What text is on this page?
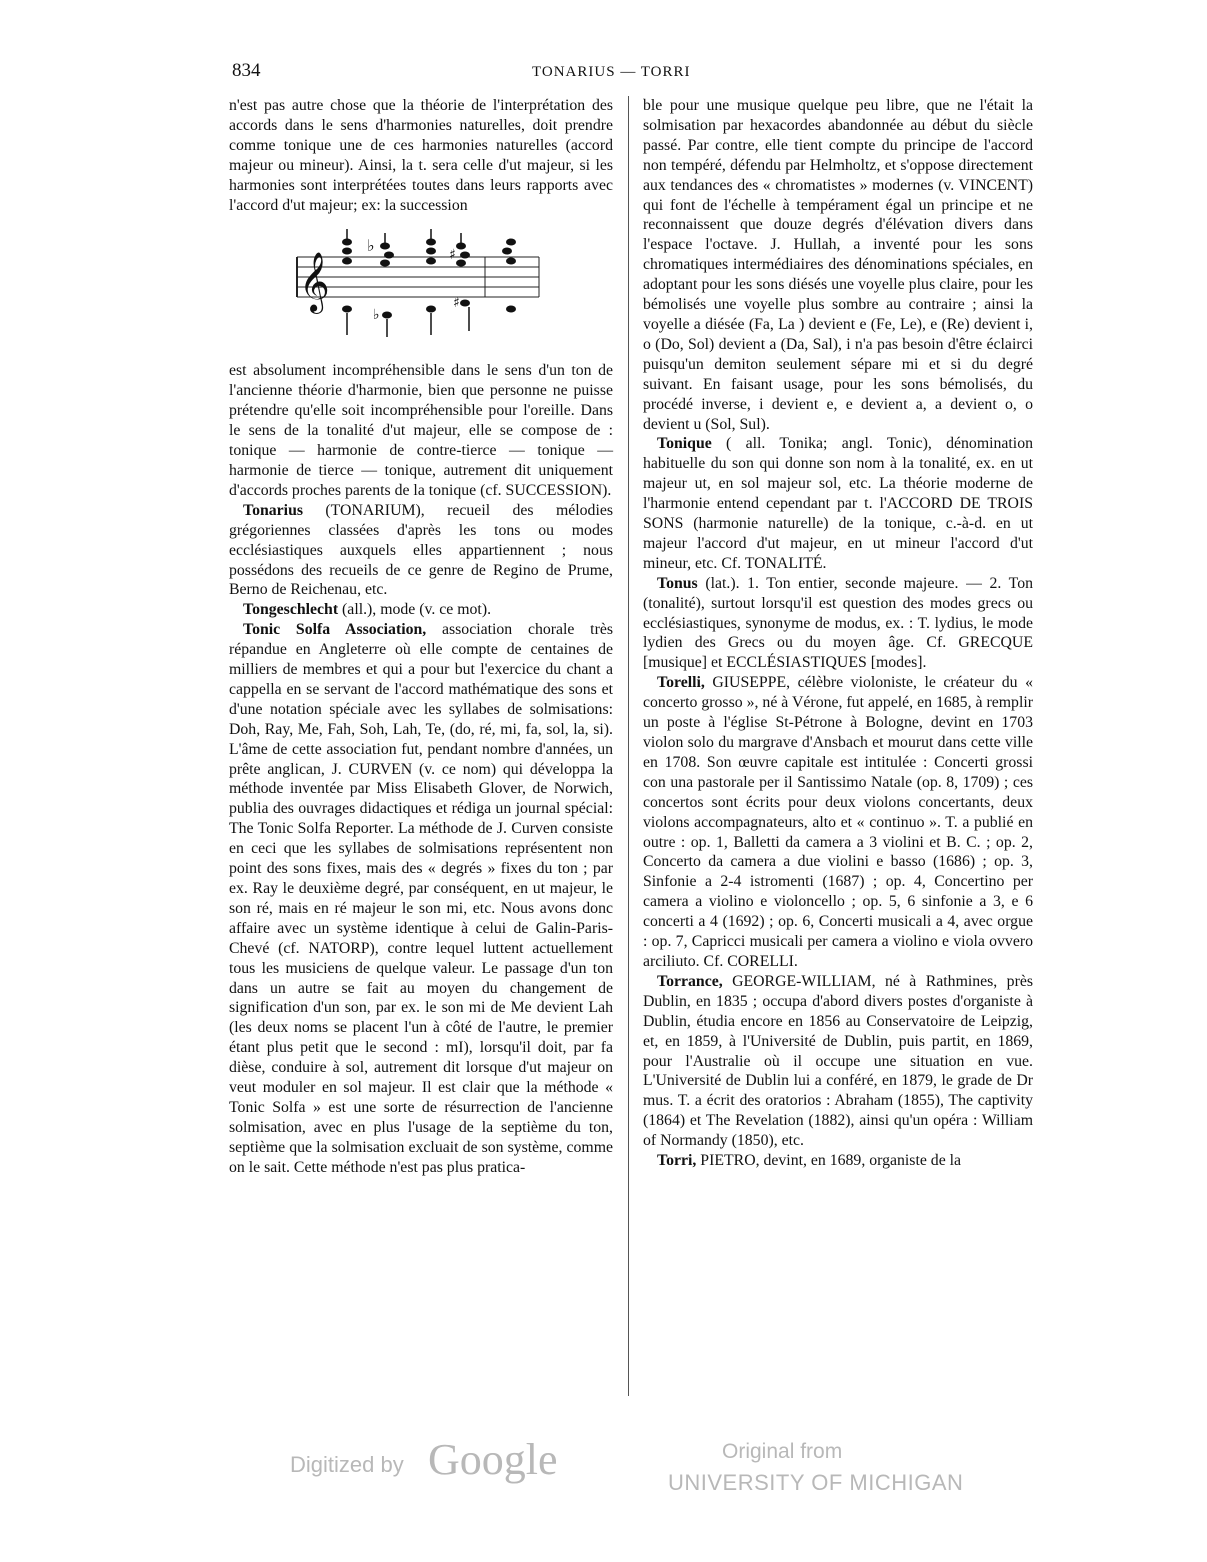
834	TONARIUS — TORRI

n'est pas autre chose que la théorie de l'interprétation des accords dans le sens d'harmonies naturelles, doit prendre comme tonique une de ces harmonies naturelles (accord majeur ou mineur). Ainsi, la t. sera celle d'ut majeur, si les harmonies sont interprétées toutes dans leurs rapports avec l'accord d'ut majeur; ex: la succession

𝄞
♭
♭
♯
♯

est absolument incompréhensible dans le sens d'un ton de l'ancienne théorie d'harmonie, bien que personne ne puisse prétendre qu'elle soit incompréhensible pour l'oreille. Dans le sens de la tonalité d'ut majeur, elle se compose de : tonique — harmonie de contre-tierce — tonique — harmonie de tierce — tonique, autrement dit uniquement d'accords proches parents de la tonique (cf. SUCCESSION).

Tonarius (TONARIUM), recueil des mélodies grégoriennes classées d'après les tons ou modes ecclésiastiques auxquels elles appartiennent ; nous possédons des recueils de ce genre de Regino de Prume, Berno de Reichenau, etc.

Tongeschlecht (all.), mode (v. ce mot).

Tonic Solfa Association, association chorale très répandue en Angleterre où elle compte de centaines de milliers de membres et qui a pour but l'exercice du chant a cappella en se servant de l'accord mathématique des sons et d'une notation spéciale avec les syllabes de solmisations: Doh, Ray, Me, Fah, Soh, Lah, Te, (do, ré, mi, fa, sol, la, si). L'âme de cette association fut, pendant nombre d'années, un prête anglican, J. CURVEN (v. ce nom) qui développa la méthode inventée par Miss Elisabeth Glover, de Norwich, publia des ouvrages didactiques et rédiga un journal spécial: The Tonic Solfa Reporter. La méthode de J. Curven consiste en ceci que les syllabes de solmisations représentent non point des sons fixes, mais des « degrés » fixes du ton ; par ex. Ray le deuxième degré, par conséquent, en ut majeur, le son ré, mais en ré majeur le son mi, etc. Nous avons donc affaire avec un système identique à celui de Galin-Paris-Chevé (cf. NATORP), contre lequel luttent actuellement tous les musiciens de quelque valeur. Le passage d'un ton dans un autre se fait au moyen du changement de signification d'un son, par ex. le son mi de Me devient Lah (les deux noms se placent l'un à côté de l'autre, le premier étant plus petit que le second : mI), lorsqu'il doit, par fa dièse, conduire à sol, autrement dit lorsque d'ut majeur on veut moduler en sol majeur. Il est clair que la méthode « Tonic Solfa » est une sorte de résurrection de l'ancienne solmisation, avec en plus l'usage de la septième du ton, septième que la solmisation excluait de son système, comme on le sait. Cette méthode n'est pas plus pratica-

ble pour une musique quelque peu libre, que ne l'était la solmisation par hexacordes abandonnée au début du siècle passé. Par contre, elle tient compte du principe de l'accord non tempéré, défendu par Helmholtz, et s'oppose directement aux tendances des « chromatistes » modernes (v. VINCENT) qui font de l'échelle à tempérament égal un principe et ne reconnaissent que douze degrés d'élévation divers dans l'espace l'octave. J. Hullah, a inventé pour les sons chromatiques intermédiaires des dénominations spéciales, en adoptant pour les sons diésés une voyelle plus claire, pour les bémolisés une voyelle plus sombre au contraire ; ainsi la voyelle a diésée (Fa, La ) devient e (Fe, Le), e (Re) devient i, o (Do, Sol) devient a (Da, Sal), i n'a pas besoin d'être éclairci puisqu'un demiton seulement sépare mi et si du degré suivant. En faisant usage, pour les sons bémolisés, du procédé inverse, i devient e, e devient a, a devient o, o devient u (Sol, Sul).

Tonique ( all. Tonika; angl. Tonic), dénomination habituelle du son qui donne son nom à la tonalité, ex. en ut majeur ut, en sol majeur sol, etc. La théorie moderne de l'harmonie entend cependant par t. l'ACCORD DE TROIS SONS (harmonie naturelle) de la tonique, c.-à-d. en ut majeur l'accord d'ut majeur, en ut mineur l'accord d'ut mineur, etc. Cf. TONALITÉ.

Tonus (lat.). 1. Ton entier, seconde majeure. — 2. Ton (tonalité), surtout lorsqu'il est question des modes grecs ou ecclésiastiques, synonyme de modus, ex. : T. lydius, le mode lydien des Grecs ou du moyen âge. Cf. GRECQUE [musique] et ECCLÉSIASTIQUES [modes].

Torelli, GIUSEPPE, célèbre violoniste, le créateur du « concerto grosso », né à Vérone, fut appelé, en 1685, à remplir un poste à l'église St-Pétrone à Bologne, devint en 1703 violon solo du margrave d'Ansbach et mourut dans cette ville en 1708. Son œuvre capitale est intitulée : Concerti grossi con una pastorale per il Santissimo Natale (op. 8, 1709) ; ces concertos sont écrits pour deux violons concertants, deux violons accompagnateurs, alto et « continuo ». T. a publié en outre : op. 1, Balletti da camera a 3 violini et B. C. ; op. 2, Concerto da camera a due violini e basso (1686) ; op. 3, Sinfonie a 2-4 istromenti (1687) ; op. 4, Concertino per camera a violino e violoncello ; op. 5, 6 sinfonie a 3, e 6 concerti a 4 (1692) ; op. 6, Concerti musicali a 4, avec orgue : op. 7, Capricci musicali per camera a violino e viola ovvero arciliuto. Cf. CORELLI.

Torrance, GEORGE-WILLIAM, né à Rathmines, près Dublin, en 1835 ; occupa d'abord divers postes d'organiste à Dublin, étudia encore en 1856 au Conservatoire de Leipzig, et, en 1859, à l'Université de Dublin, puis partit, en 1869, pour l'Australie où il occupe une situation en vue. L'Université de Dublin lui a conféré, en 1879, le grade de Dr mus. T. a écrit des oratorios : Abraham (1855), The captivity (1864) et The Revelation (1882), ainsi qu'un opéra : William of Normandy (1850), etc.

Torri, PIETRO, devint, en 1689, organiste de la

Digitized by Google	Original from
UNIVERSITY OF MICHIGAN
